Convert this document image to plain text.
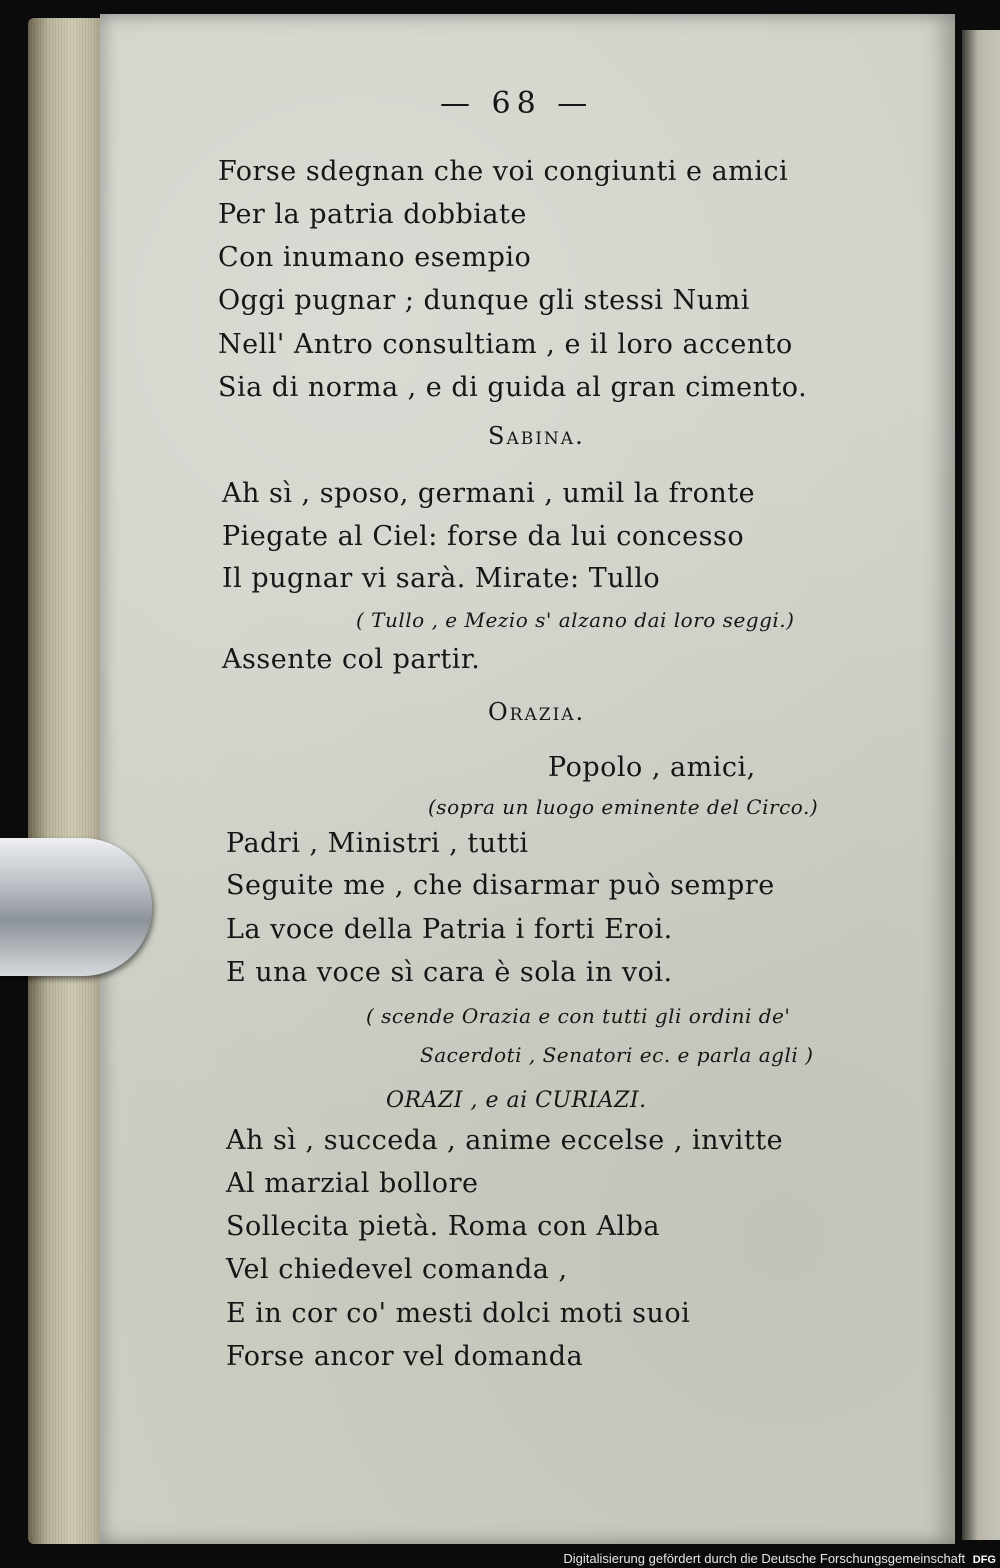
— 68 —
Forse sdegnan che voi congiunti e amici
Per la patria dobbiate
Con inumano esempio
Oggi pugnar ; dunque gli stessi Numi
Nell' Antro consultiam , e il loro accento
Sia di norma , e di guida al gran cimento.
Sabina.
Ah sì , sposo, germani , umil la fronte
Piegate al Ciel: forse da lui concesso
Il pugnar vi sarà. Mirate: Tullo
( Tullo , e Mezio s' alzano dai loro seggi.)
Assente col partir.
Orazia.
Popolo , amici,
(sopra un luogo eminente del Circo.)
Padri , Ministri , tutti
Seguite me , che disarmar può sempre
La voce della Patria i forti Eroi.
E una voce sì cara è sola in voi.
( scende Orazia e con tutti gli ordini de'
Sacerdoti , Senatori ec. e parla agli )
ORAZI , e ai CURIAZI.
Ah sì , succeda , anime eccelse , invitte
Al marzial bollore
Sollecita pietà. Roma con Alba
Vel chiedevel comanda ,
E in cor co' mesti dolci moti suoi
Forse ancor vel domanda
Digitalisierung gefördert durch die Deutsche Forschungsgemeinschaft DFG
